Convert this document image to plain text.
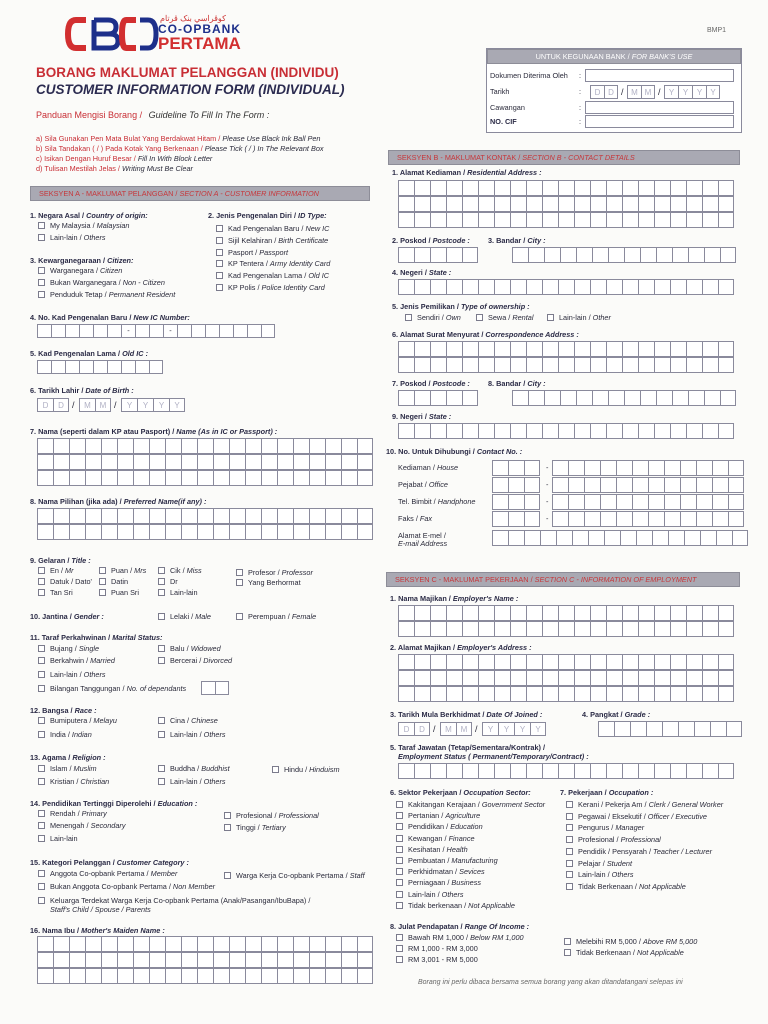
کوڤراسي بنک ڤرتام
CO-OPBANK
PERTAMA
BMP1
BORANG MAKLUMAT PELANGGAN (INDIVIDU)
CUSTOMER INFORMATION FORM (INDIVIDUAL)
Panduan Mengisi Borang / Guideline To Fill In The Form :
a) Sila Gunakan Pen Mata Bulat Yang Berdakwat Hitam / Please Use Black Ink Ball Pen
b) Sila Tandakan ( / ) Pada Kotak Yang Berkenaan / Please Tick ( / ) In The Relevant Box
c) Isikan Dengan Huruf Besar / Fill In With Block Letter
d) Tulisan Mestilah Jelas / Writing Must Be Clear
UNTUK KEGUNAAN BANK / FOR BANK'S USE
Dokumen Diterima Oleh
Tarikh
Cawangan
NO. CIF
:
:
:
:
D D / M M /	Y	Y	Y	Y
SEKSYEN A - MAKLUMAT PELANGGAN / SECTION A - CUSTOMER INFORMATION
1. Negara Asal / Country of origin:
My Malaysia / Malaysian
Lain-lain / Others
2. Jenis Pengenalan Diri / ID Type:
Kad Pengenalan Baru / New IC
Sijil Kelahiran / Birth Certificate
Pasport / Passport
KP Tentera / Army Identity Card
Kad Pengenalan Lama / Old IC
KP Polis / Police Identity Card
3. Kewarganegaraan / Citizen:
Warganegara / Citizen
Bukan Warganegara / Non - Citizen
Penduduk Tetap / Permanent Resident
4. No. Kad Pengenalan Baru / New IC Number:
-	-
5. Kad Pengenalan Lama / Old IC :
6. Tarikh Lahir / Date of Birth :
D	D /	M	M /	Y	Y	Y	Y
7. Nama (seperti dalam KP atau Pasport) / Name (As in IC or Passport) :
8. Nama Pilihan (jika ada) / Preferred Name(if any) :
9. Gelaran / Title :
En / Mr
Datuk / Dato'
Tan Sri
Puan / Mrs
Datin
Puan Sri
Cik / Miss
Dr
Lain-lain
Profesor / Professor
Yang Berhormat
10. Jantina / Gender :	Lelaki / Male	Perempuan / Female
11. Taraf Perkahwinan / Marital Status:
Bujang / Single
Berkahwin / Married
Lain-lain / Others
Bilangan Tanggungan / No. of dependants
Balu / Widowed
Bercerai / Divorced
12. Bangsa / Race :
Bumiputera / Melayu
India / Indian
Cina / Chinese
Lain-lain / Others
13. Agama / Religion :
Islam / Muslim
Kristian / Christian
Buddha / Buddhist
Lain-lain / Others
Hindu / Hinduism
14. Pendidikan Tertinggi Diperolehi / Education :
Rendah / Primary
Menengah / Secondary
Lain-lain
Profesional / Professional
Tinggi / Tertiary
15. Kategori Pelanggan / Customer Category :
Anggota Co-opbank Pertama / Member
Bukan Anggota Co-opbank Pertama / Non Member
Keluarga Terdekat Warga Kerja Co-opbank Pertama (Anak/Pasangan/IbuBapa) /
Staff's Child / Spouse / Parents
Warga Kerja Co-opbank Pertama / Staff
16. Nama Ibu / Mother's Maiden Name :
SEKSYEN B - MAKLUMAT KONTAK / SECTION B - CONTACT DETAILS
1. Alamat Kediaman / Residential Address :
2. Poskod / Postcode : 3. Bandar / City :
4. Negeri / State :
5. Jenis Pemilikan / Type of ownership :
Sendiri / Own	Sewa / Rental	Lain-lain / Other
6. Alamat Surat Menyurat / Correspondence Address :
7. Poskod / Postcode : 8. Bandar / City :
9. Negeri / State :
10. No. Untuk Dihubungi / Contact No. :
Kediaman / House
Pejabat / Office
Tel. Bimbit / Handphone
Faks / Fax
Alamat E-mel /
E-mail Address
-
-
-
-
SEKSYEN C - MAKLUMAT PEKERJAAN / SECTION C - INFORMATION OF EMPLOYMENT
1. Nama Majikan / Employer's Name :
2. Alamat Majikan / Employer's Address :
3. Tarikh Mula Berkhidmat / Date Of Joined :	4. Pangkat / Grade :
D	D /	M	M /	Y	Y	Y	Y
5. Taraf Jawatan (Tetap/Sementara/Kontrak) /
Employment Status ( Permanent/Temporary/Contract) :
6. Sektor Pekerjaan / Occupation Sector:	7. Pekerjaan / Occupation :
Kakitangan Kerajaan / Government Sector
Pertanian / Agriculture
Pendidikan / Education
Kewangan / Finance
Kesihatan / Health
Pembuatan / Manufacturing
Perkhidmatan / Sevices
Perniagaan / Business
Lain-lain / Others
Tidak berkenaan / Not Applicable
Kerani / Pekerja Am / Clerk / General Worker
Pegawai / Eksekutif / Officer / Executive
Pengurus / Manager
Profesional / Professional
Pendidik / Pensyarah / Teacher / Lecturer
Pelajar / Student
Lain-lain / Others
Tidak Berkenaan / Not Applicable
8. Julat Pendapatan / Range Of Income :
Bawah RM 1,000 / Below RM 1,000
RM 1,000 - RM 3,000
RM 3,001 - RM 5,000
Melebihi RM 5,000 / Above RM 5,000
Tidak Berkenaan / Not Applicable
Borang ini perlu dibaca bersama semua borang yang akan ditandatangani selepas ini
